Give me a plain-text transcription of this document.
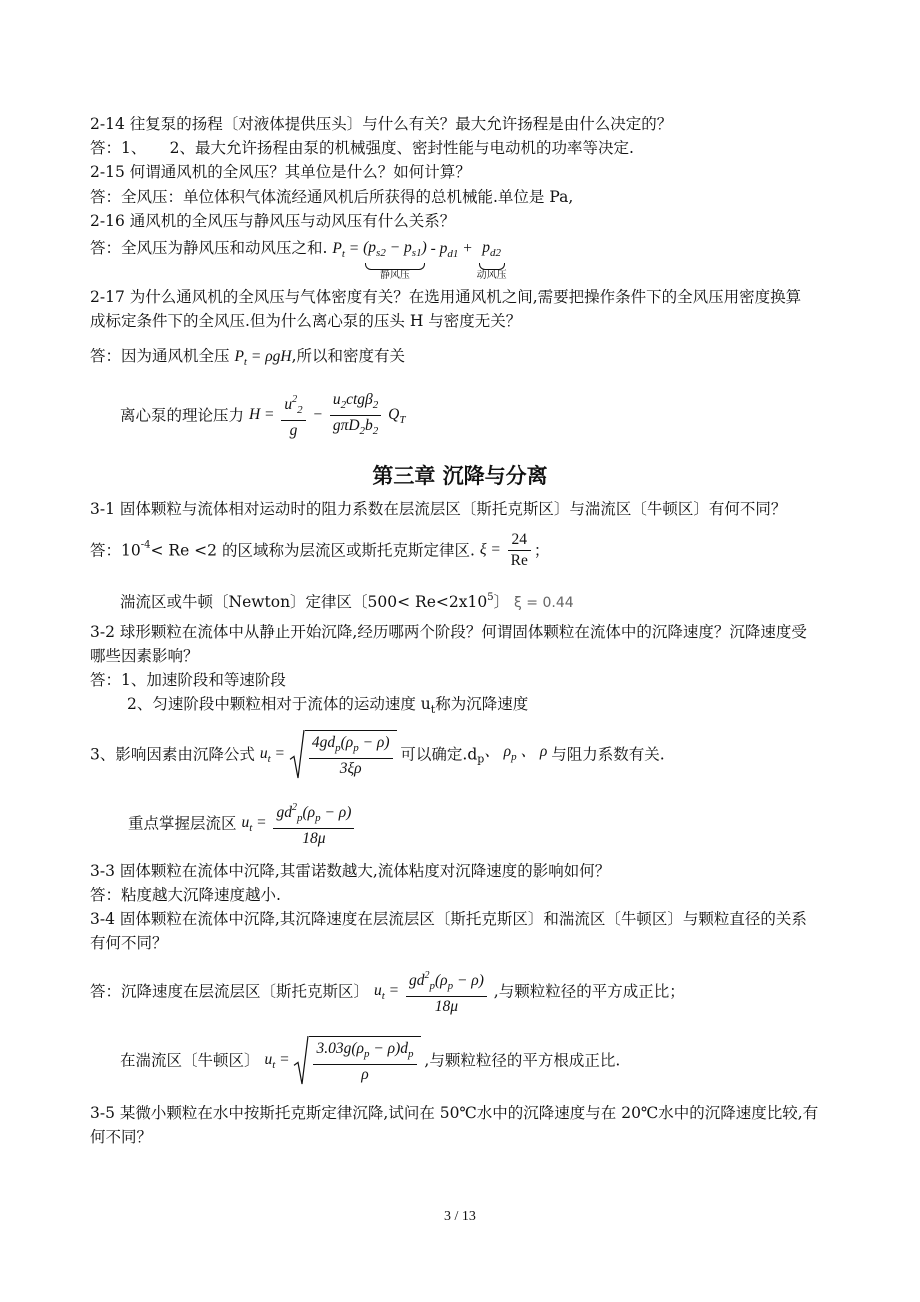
2-14 往复泵的扬程〔对液体提供压头〕与什么有关？最大允许扬程是由什么决定的？
答：1、　　2、最大允许扬程由泵的机械强度、密封性能与电动机的功率等决定.
2-15 何谓通风机的全风压？其单位是什么？如何计算？
答：全风压：单位体积气体流经通风机后所获得的总机械能.单位是 Pa,
2-16 通风机的全风压与静风压与动风压有什么关系？
答：全风压为静风压和动风压之和. $P_t = (p_{s2} - p_{s1})$
静风压
- $p_{d1} + p_{d2}$
动风压
2-17 为什么通风机的全风压与气体密度有关？在选用通风机之间,需要把操作条件下的全风压用密度换算
成标定条件下的全风压.但为什么离心泵的压头 H 与密度无关？
答：因为通风机全压 $P_t = \rho gH$,所以和密度有关
离心泵的理论压力 $H = \frac{u^2_2}{g} - \frac{u_2ctg\beta_2}{g\pi D_2b_2} Q_T$
第三章 沉降与分离
3-1 固体颗粒与流体相对运动时的阻力系数在层流层区〔斯托克斯区〕与湍流区〔牛顿区〕有何不同？
答：$10^{-4}< Re <2$ 的区域称为层流区或斯托克斯定律区. $\xi = \frac{24}{Re}$ ；
湍流区或牛顿〔Newton〕定律区〔$500< Re<2x10^5$〕 ξ = 0.44
3-2 球形颗粒在流体中从静止开始沉降,经历哪两个阶段？何谓固体颗粒在流体中的沉降速度？沉降速度受
哪些因素影响？
答：1、加速阶段和等速阶段
2、匀速阶段中颗粒相对于流体的运动速度 $u_t$称为沉降速度
3、影响因素由沉降公式 $u_t = \frac{4gd_p(\rho_p - \rho)}{3\xi\rho}$ 可以确定$.d_p$、 $\rho_p$ 、 ρ 与阻力系数有关.
重点掌握层流区 $u_t = \frac{gd^2_p(\rho_p - \rho)}{18\mu}$
3-3 固体颗粒在流体中沉降,其雷诺数越大,流体粘度对沉降速度的影响如何？
答：粘度越大沉降速度越小.
3-4 固体颗粒在流体中沉降,其沉降速度在层流层区〔斯托克斯区〕和湍流区〔牛顿区〕与颗粒直径的关系
有何不同？
答：沉降速度在层流层区〔斯托克斯区〕 $u_t = \frac{gd^2_p(\rho_p - \rho)}{18\mu}$ ,与颗粒粒径的平方成正比；
在湍流区〔牛顿区〕 $u_t = \frac{3.03g(\rho_p - \rho)d_p}{\rho}$ ,与颗粒粒径的平方根成正比.
3-5 某微小颗粒在水中按斯托克斯定律沉降,试问在 50℃水中的沉降速度与在 20℃水中的沉降速度比较,有
何不同？
3 / 13
